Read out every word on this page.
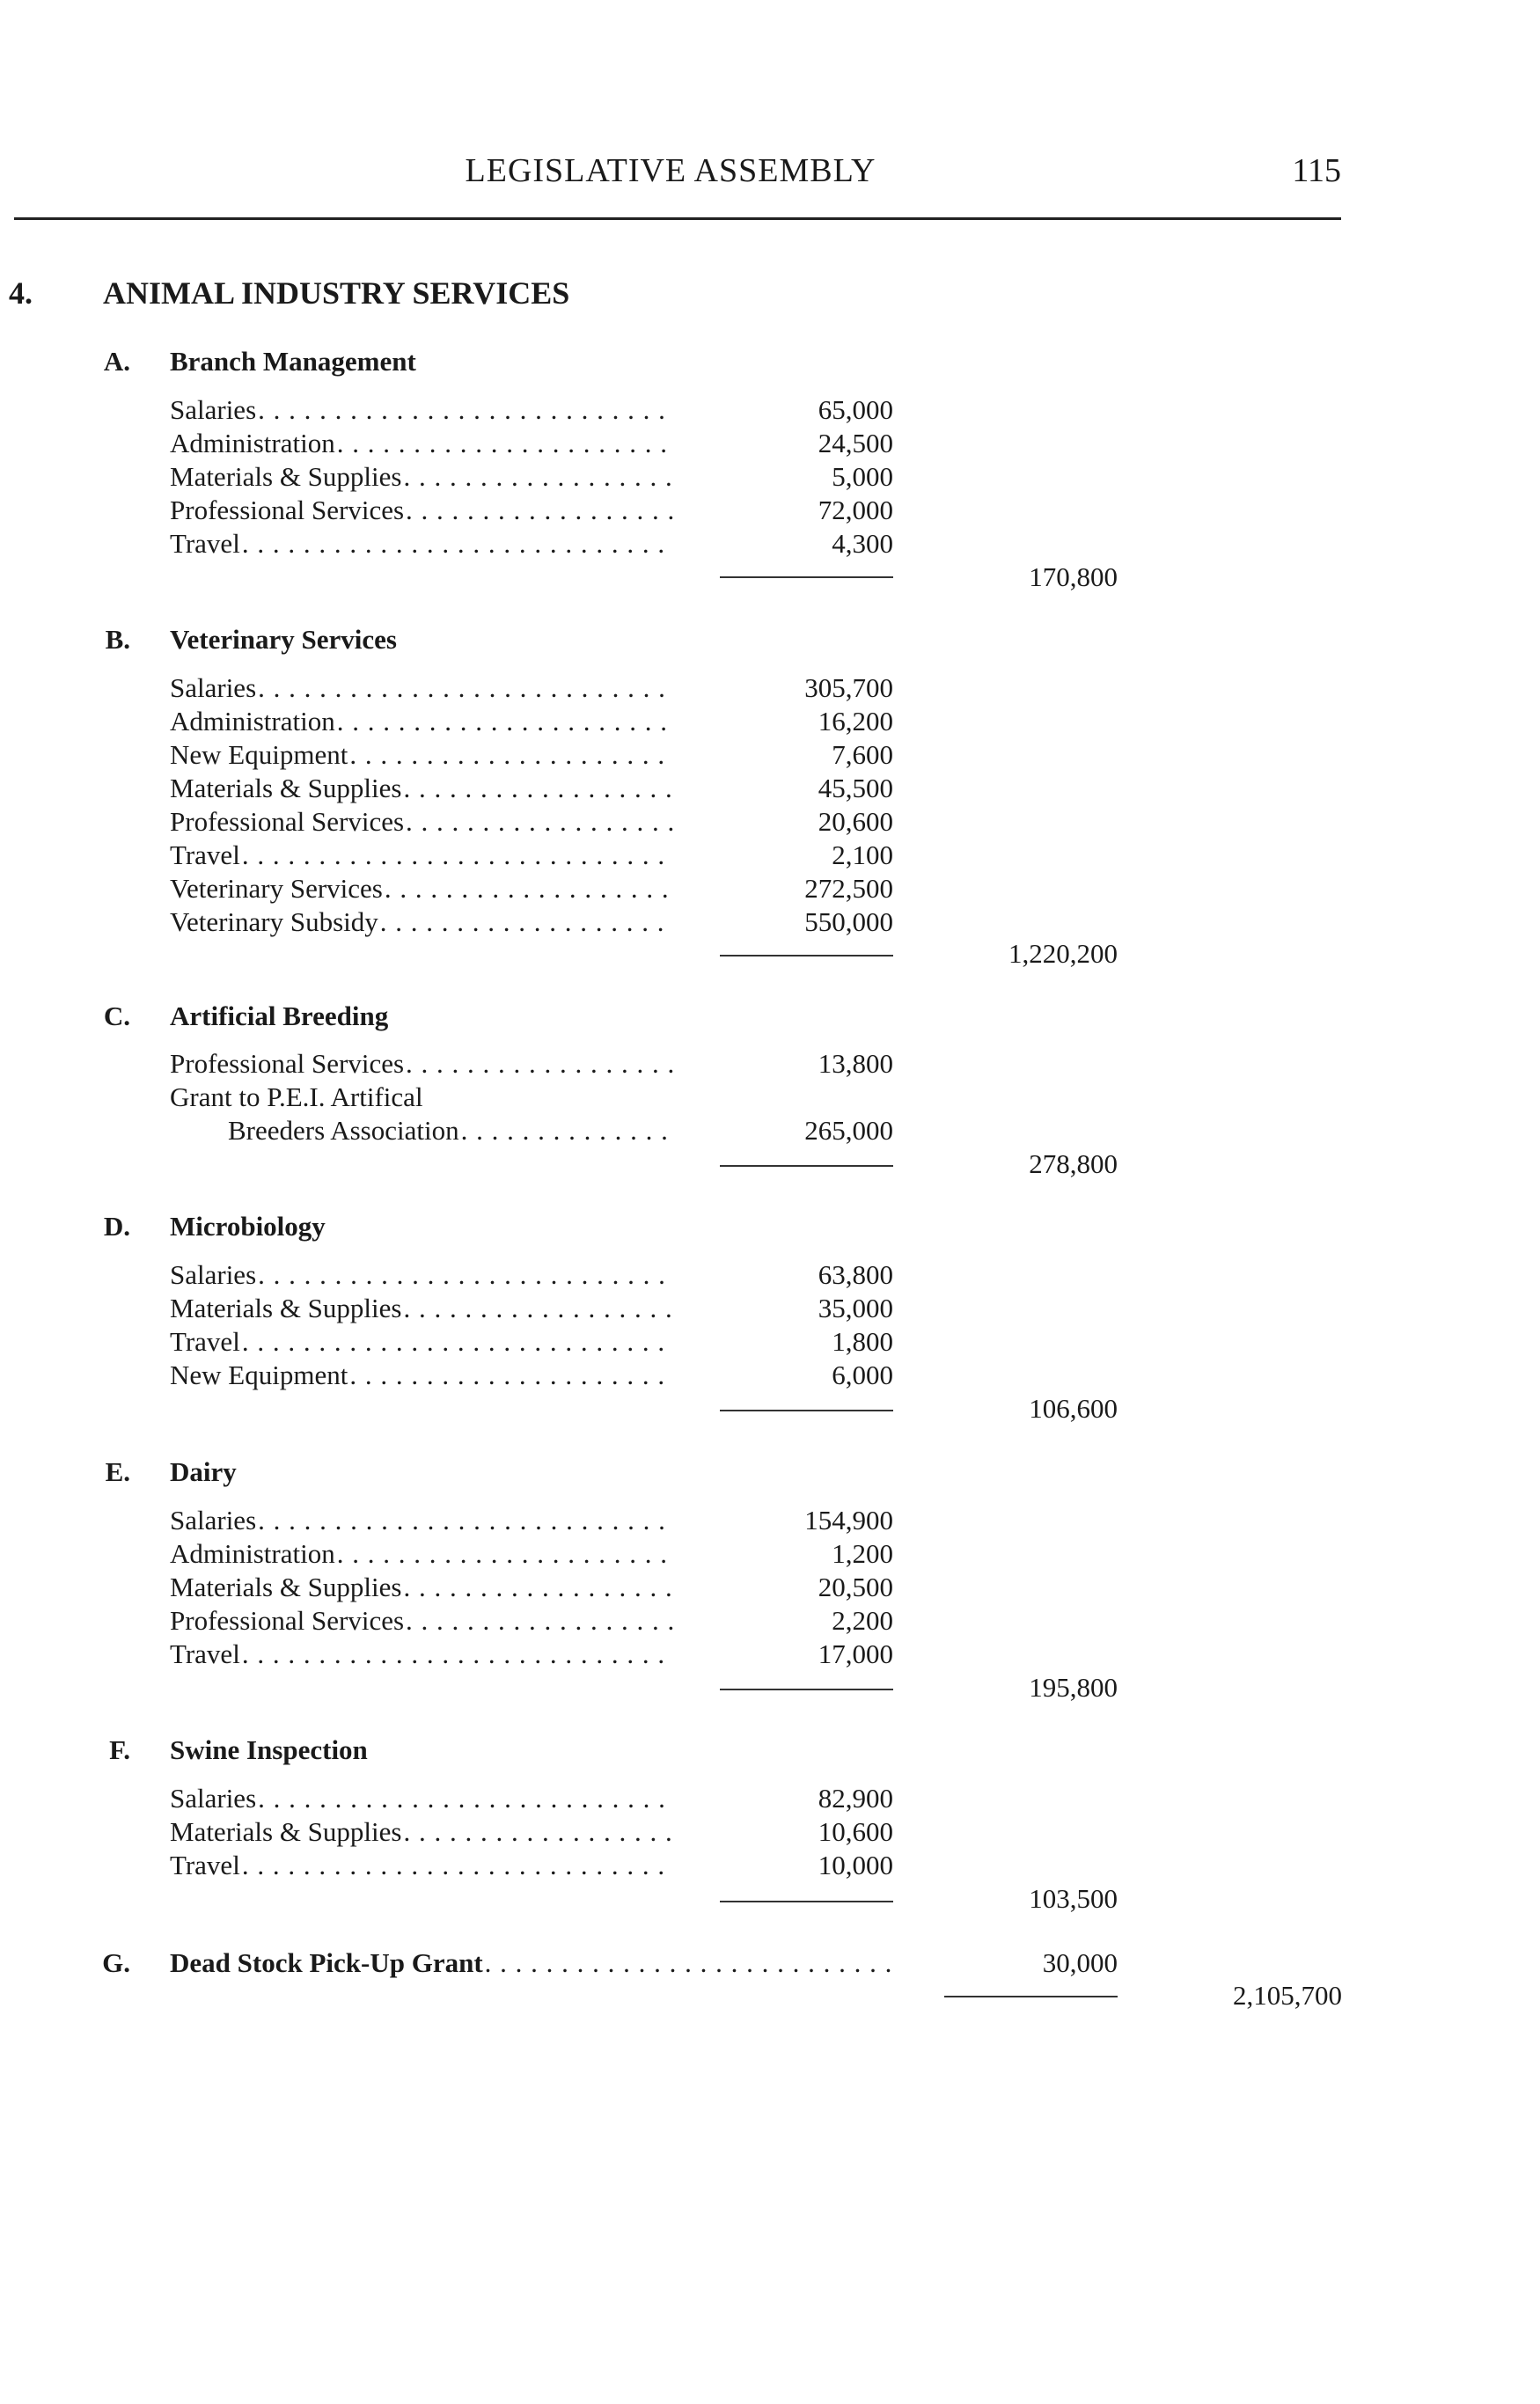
LEGISLATIVE ASSEMBLY	115
4. ANIMAL INDUSTRY SERVICES
A. Branch Management
Salaries . . .	65,000
Administration . . .	24,500
Materials & Supplies . . .	5,000
Professional Services . . .	72,000
Travel . . .	4,300
170,800
B. Veterinary Services
Salaries . . .	305,700
Administration . . .	16,200
New Equipment . . .	7,600
Materials & Supplies . . .	45,500
Professional Services . . .	20,600
Travel . . .	2,100
Veterinary Services . . .	272,500
Veterinary Subsidy . . .	550,000
1,220,200
C. Artificial Breeding
Professional Services . . .	13,800
Grant to P.E.I. Artifical
Breeders Association . . .	265,000
278,800
D. Microbiology
Salaries . . .	63,800
Materials & Supplies . . .	35,000
Travel . . .	1,800
New Equipment . . .	6,000
106,600
E. Dairy
Salaries . . .	154,900
Administration . . .	1,200
Materials & Supplies . . .	20,500
Professional Services . . .	2,200
Travel . . .	17,000
195,800
F. Swine Inspection
Salaries . . .	82,900
Materials & Supplies . . .	10,600
Travel . . .	10,000
103,500
G. Dead Stock Pick-Up Grant . . .	30,000
2,105,700
